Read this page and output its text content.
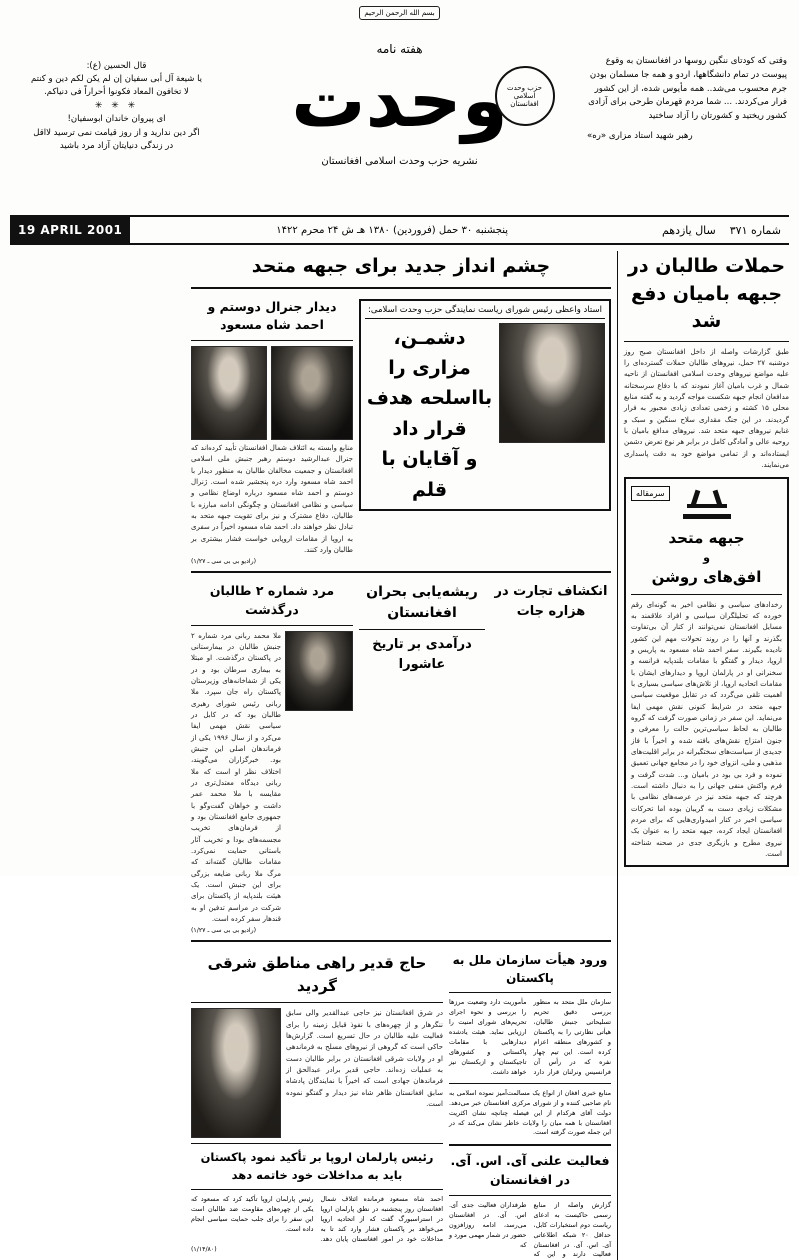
بسم الله الرحمن الرحیم
قال الحسین (ع):
یا شیعة آل أبی سفیان إن لم یکن لکم دین و کنتم
لا تخافون المعاد فکونوا أحراراً فی دنیاکم.
✳ ✳ ✳
ای پیروان خاندان ابوسفیان!
اگر دین ندارید و از روز قیامت نمی ترسید لااقل
در زندگی دنیایتان آزاد مرد باشید
هفته نامه
وحدت حزب وحدت اسلامی افغانستان
نشریه حزب وحدت اسلامی افغانستان
وقتی که کودتای ننگین روسها در افغانستان به وقوع پیوست در تمام دانشگاهها، اردو و همه جا مسلمان بودن جرم محسوب می‌شد.. همه مأیوس شده، از این کشور فرار می‌کردند. ... شما مردم قهرمان طرحی برای آزادی کشور ریختید و کشورتان را آزاد ساختید
رهبر شهید استاد مزاری «ره»
شماره ۳۷۱
سال یازدهم
پنجشنبه ۳۰ حمل (فروردین) ۱۳۸۰ هـ ش ۲۴ محرم ۱۴۲۲
19 APRIL 2001
حملات طالبان در جبهه بامیان دفع شد
طبق گزارشات واصله از داخل افغانستان صبح روز دوشنبه ۲۷ حمل، نیروهای طالبان حملات گسترده‌ای را علیه مواضع نیروهای وحدت اسلامی افغانستان از ناحیه شمال و غرب بامیان آغاز نمودند که با دفاع سرسختانه مدافعان انجام جبهه شکست مواجه گردید و به گفته منابع محلی ۱۵ کشته و زخمی تعدادی زیادی مجبور به فرار گردیدند. در این جنگ مقداری سلاح سنگین و سبک و غنایم نیروهای جبهه متحد شد. نیروهای مدافع بامیان با روحیه عالی و آمادگی کامل در برابر هر نوع تعرض دشمن ایستاده‌اند و از تمامی مواضع خود به دقت پاسداری می‌نمایند.
سرمقاله
جبهه متحد
و
افق‌های روشن
رخدادهای سیاسی و نظامی اخیر به گونه‌ای رقم خورده که تحلیلگران سیاسی و افراد علاقمند به مسایل افغانستان نمی‌توانند از کنار آن بی‌تفاوت بگذرند و آنها را در روند تحولات مهم این کشور نادیده بگیرند. سفر احمد شاه مسعود به پاریس و اروپا، دیدار و گفتگو با مقامات بلندپایه فرانسه و سخنرانی او در پارلمان اروپا و دیدارهای ایشان با مقامات اتحادیه اروپا، از تلاش‌های سیاسی بسیاری با اهمیت تلقی می‌گردد که در تقابل موقعیت سیاسی جبهه متحد در شرایط کنونی نقش مهمی ایفا می‌نماید. این سفر در زمانی صورت گرفت که گروه طالبان به لحاظ سیاسی‌ترین حالت را معرفی و جنون امتزاج نقش‌های بافته شده و اخیراً با فاز جدیدی از سیاست‌های سختگیرانه در برابر اقلیت‌های مذهبی و ملی، انزوای خود را در مجامع جهانی تعمیق نموده و فرد بی بود در بامیان و... شدت گرفت و فرم واکنش منفی جهانی را به دنبال داشته است. هرچند که جبهه متحد نیز در عرصه‌های نظامی با مشکلات زیادی دست به گریبان بوده اما تحرکات سیاسی اخیر در کنار امیدواری‌هایی که برای مردم افغانستان ایجاد کرده، جبهه متحد را به عنوان یک نیروی مطرح و بازیگری جدی در صحنه شناخته است.
چشم انداز جدید برای جبهه متحد
استاد واعظی رئیس شورای ریاست نمایندگی حزب وحدت اسلامی:
دشمـن، مزاری را
بااسلحه هدف قرار داد
و آقایان با قلم
دیدار جنرال دوستم و احمد شاه مسعود
منابع وابسته به ائتلاف شمال افغانستان تأیید کرده‌اند که جنرال عبدالرشید دوستم رهبر جنبش ملی اسلامی افغانستان و جمعیت مخالفان طالبان به منظور دیدار با احمد شاه مسعود وارد دره پنجشیر شده است. ژنرال دوستم و احمد شاه مسعود درباره اوضاع نظامی و سیاسی و نظامی افغانستان و چگونگی ادامه مبارزه با طالبان، دفاع مشترک و نیز برای تقویت جبهه متحد به تبادل نظر خواهند داد. احمد شاه مسعود اخیراً در سفری به اروپا از مقامات اروپایی خواست فشار بیشتری بر طالبان وارد کنند.
(رادیو بی بی سی ـ ۱/۲۷)
انکشاف تجارت در هزاره جات
ریشه‌یابی بحران افغانستان
درآمدی بر تاریخ عاشورا
مرد شماره ۲ طالبان درگذشت
ملا محمد ربانی مرد شماره ۲ جنبش طالبان در بیمارستانی در پاکستان درگذشت. او مبتلا به بیماری سرطان بود و در یکی از شفاخانه‌های وزیرستان پاکستان راه جان سپرد. ملا ربانی رئیس شورای رهبری طالبان بود که در کابل در سیاسی نقش مهمی ایفا می‌کرد و از سال ۱۹۹۶ یکی از فرماندهان اصلی این جنبش بود. خبرگزاران می‌گویند، اختلاف نظر او است که ملا ربانی دیدگاه معتدل‌تری در مقایسه با ملا محمد عمر داشت و خواهان گفت‌وگو با جمهوری جامع افغانستان بود و از فرمان‌های تخریب مجسمه‌های بودا و تخریب آثار باستانی حمایت نمی‌کرد. مقامات طالبان گفته‌اند که مرگ ملا ربانی ضایعه بزرگی برای این جنبش است. یک هیئت بلندپایه از پاکستان برای شرکت در مراسم تدفین او به قندهار سفر کرده است.
(رادیو بی بی سی ـ ۱/۲۷)
ورود هیأت سازمان ملل به پاکستان
سازمان ملل متحد به منظور بررسی دقیق تحریم تسلیحاتی جنبش طالبان، هیأتی نظارتی را به پاکستان و کشورهای منطقه اعزام کرده است. این تیم چهار نفره که در رأس آن فرانسیس ونرلنان قرار دارد مأموریت دارد وضعیت مرزها را بررسی و نحوه اجرای تحریم‌های شورای امنیت را ارزیابی نماید. هیئت یادشده دیدارهایی با مقامات پاکستانی و کشورهای تاجیکستان و ازبکستان نیز خواهد داشت.
منابع خبری افغان از انواع یک مسالمت‌آمیز نموده اسلامی به نام صاحبی کننده و از شورای مرکزی افغانستان خبر می‌دهد. دولت آقای هرکدام از این فیصله چنانچه نشان اکثریت افغانستان با همه میان را ولایات خاطر نشان می‌کند که در این جمله صورت گرفته است.
فعالیت علنی آی. اس. آی. در افغانستان
گزارش واصله از منابع رسمی حاکیست به ادعای ریاست دوم استخبارات کابل، حداقل ۲۰ شبکه اطلاعاتی آی. اس. آی. در افغانستان فعالیت دارند و این که طرفداران فعالیت جدی آی. اس. آی. در افغانستان می‌رسد، ادامه روزافزون حضور در شمار مهمی مورد و که
حاج قدیر راهی مناطق شرقی گردید
در شرق افغانستان نیز حاجی عبدالقدیر والی سابق ننگرهار و از چهره‌های با نفوذ قبایل زمینه را برای فعالیت علیه طالبان در حال تسریع است. گزارش‌ها حاکی است که گروهی از نیروهای مسلح به فرماندهی او در ولایات شرقی افغانستان در برابر طالبان دست به عملیات زده‌اند. حاجی قدیر برادر عبدالحق از فرماندهان جهادی است که اخیراً با نمایندگان پادشاه سابق افغانستان ظاهر شاه نیز دیدار و گفتگو نموده است.
رئیس پارلمان اروپا بر تأکید نمود پاکستان باید به مداخلات خود خاتمه دهد
احمد شاه مسعود فرمانده ائتلاف شمال افغانستان روز پنجشنبه در نطق پارلمان اروپا در استراسبورگ گفت که از اتحادیه اروپا می‌خواهد بر پاکستان فشار وارد کند تا به مداخلات خود در امور افغانستان پایان دهد. رئیس پارلمان اروپا تأکید کرد که مسعود که یکی از چهره‌های مقاومت ضد طالبان است این سفر را برای جلب حمایت سیاسی انجام داده است.
(۱/۱۴/۸۰)
